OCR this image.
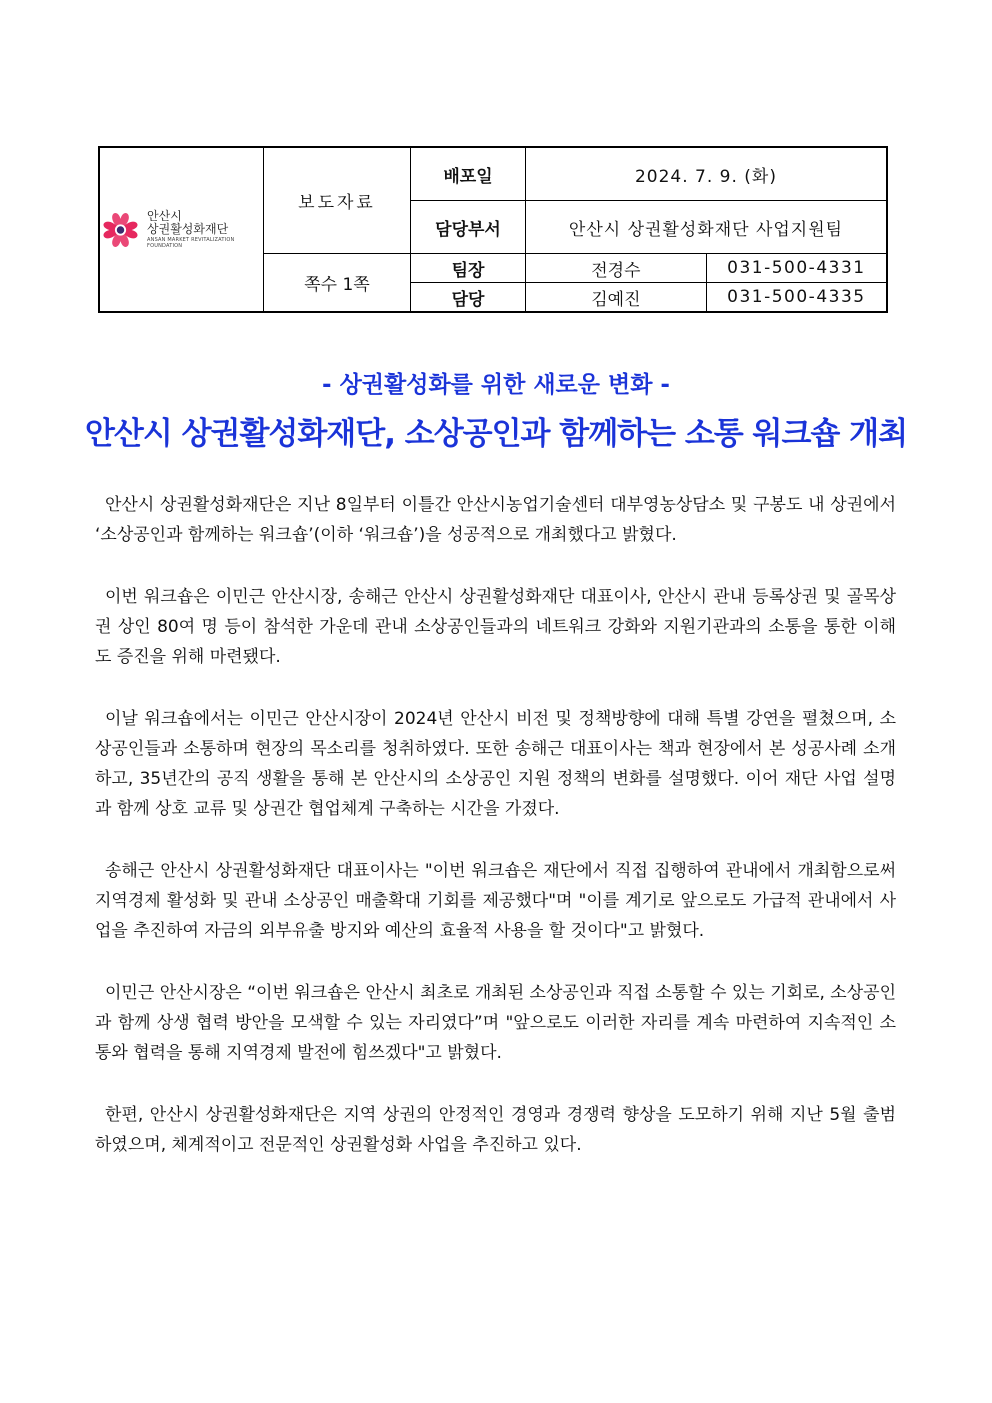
안산시
상권활성화재단
ANSAN MARKET REVITALIZATION FOUNDATION	보도자료	배포일	2024. 7. 9. (화)	
		담당부서	안산시 상권활성화재단 사업지원팀	
	쪽수 1쪽	팀장	전경수	031-500-4331
		담당	김예진	031-500-4335
- 상권활성화를 위한 새로운 변화 -
안산시 상권활성화재단, 소상공인과 함께하는 소통 워크숍 개최

안산시 상권활성화재단은 지난 8일부터 이틀간 안산시농업기술센터 대부영농상담소 및 구봉도 내 상권에서 ‘소상공인과 함께하는 워크숍’(이하 ‘워크숍’)을 성공적으로 개최했다고 밝혔다.

이번 워크숍은 이민근 안산시장, 송해근 안산시 상권활성화재단 대표이사, 안산시 관내 등록상권 및 골목상권 상인 80여 명 등이 참석한 가운데 관내 소상공인들과의 네트워크 강화와 지원기관과의 소통을 통한 이해도 증진을 위해 마련됐다.

이날 워크숍에서는 이민근 안산시장이 2024년 안산시 비전 및 정책방향에 대해 특별 강연을 펼쳤으며, 소상공인들과 소통하며 현장의 목소리를 청취하였다. 또한 송해근 대표이사는 책과 현장에서 본 성공사례 소개하고, 35년간의 공직 생활을 통해 본 안산시의 소상공인 지원 정책의 변화를 설명했다. 이어 재단 사업 설명과 함께 상호 교류 및 상권간 협업체계 구축하는 시간을 가졌다.

송해근 안산시 상권활성화재단 대표이사는 "이번 워크숍은 재단에서 직접 집행하여 관내에서 개최함으로써 지역경제 활성화 및 관내 소상공인 매출확대 기회를 제공했다"며 "이를 계기로 앞으로도 가급적 관내에서 사업을 추진하여 자금의 외부유출 방지와 예산의 효율적 사용을 할 것이다"고 밝혔다.

이민근 안산시장은 “이번 워크숍은 안산시 최초로 개최된 소상공인과 직접 소통할 수 있는 기회로, 소상공인과 함께 상생 협력 방안을 모색할 수 있는 자리였다”며 "앞으로도 이러한 자리를 계속 마련하여 지속적인 소통와 협력을 통해 지역경제 발전에 힘쓰겠다"고 밝혔다.

한편, 안산시 상권활성화재단은 지역 상권의 안정적인 경영과 경쟁력 향상을 도모하기 위해 지난 5월 출범하였으며, 체계적이고 전문적인 상권활성화 사업을 추진하고 있다.
